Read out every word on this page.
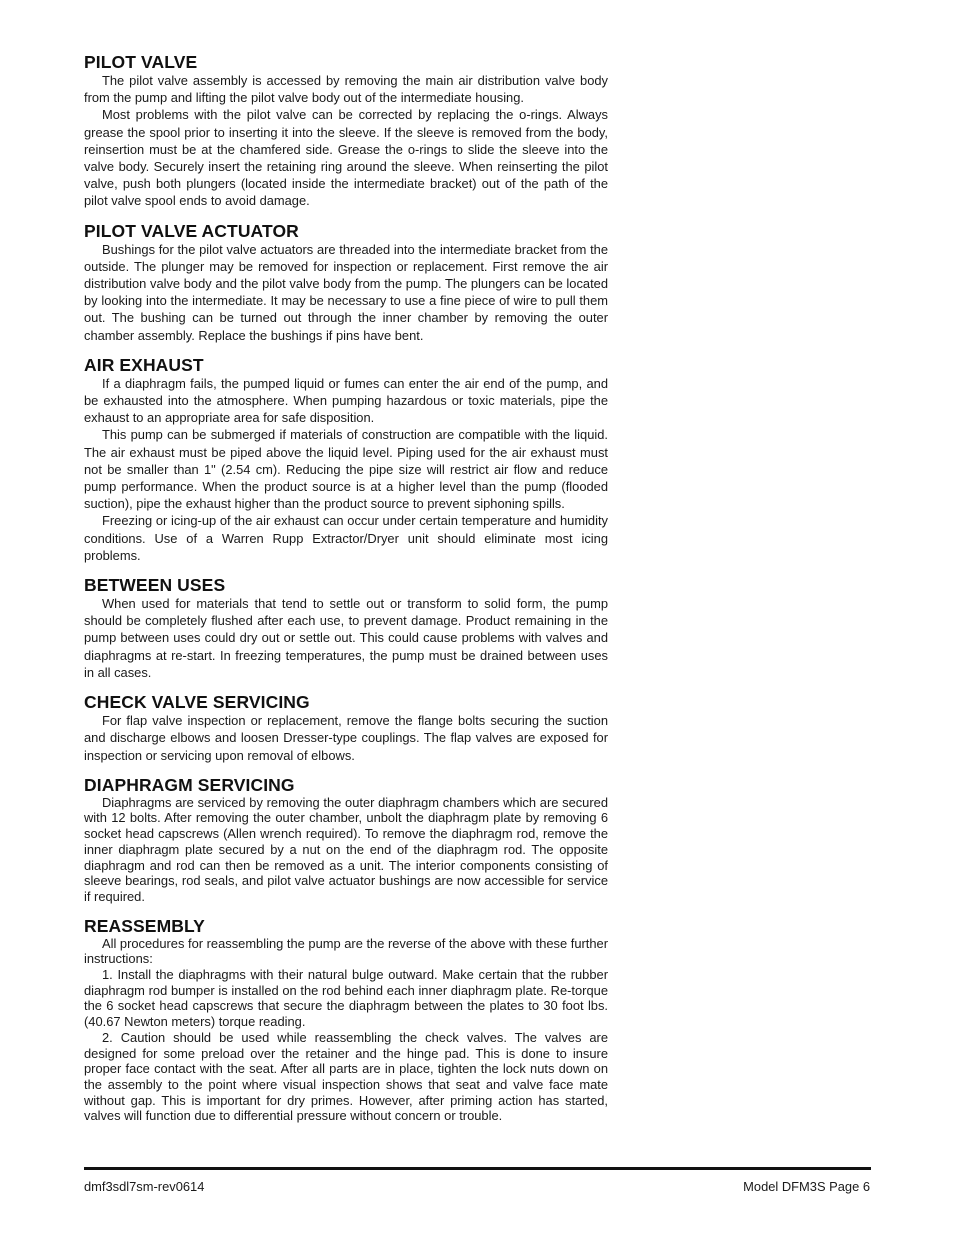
PILOT VALVE

The pilot valve assembly is accessed by removing the main air distribution valve body from the pump and lifting the pilot valve body out of the intermediate housing.

Most problems with the pilot valve can be corrected by replacing the o-rings. Always grease the spool prior to inserting it into the sleeve. If the sleeve is removed from the body, reinsertion must be at the chamfered side. Grease the o-rings to slide the sleeve into the valve body. Securely insert the retaining ring around the sleeve. When reinserting the pilot valve, push both plungers (located inside the intermediate bracket) out of the path of the pilot valve spool ends to avoid damage.

PILOT VALVE ACTUATOR

Bushings for the pilot valve actuators are threaded into the intermediate bracket from the outside. The plunger may be removed for inspection or replacement. First remove the air distribution valve body and the pilot valve body from the pump. The plungers can be located by looking into the intermediate. It may be necessary to use a fine piece of wire to pull them out. The bushing can be turned out through the inner chamber by removing the outer chamber assembly. Replace the bushings if pins have bent.

AIR EXHAUST

If a diaphragm fails, the pumped liquid or fumes can enter the air end of the pump, and be exhausted into the atmosphere. When pumping hazardous or toxic materials, pipe the exhaust to an appropriate area for safe disposition.

This pump can be submerged if materials of construction are compatible with the liquid. The air exhaust must be piped above the liquid level. Piping used for the air exhaust must not be smaller than 1" (2.54 cm). Reducing the pipe size will restrict air flow and reduce pump performance. When the product source is at a higher level than the pump (flooded suction), pipe the exhaust higher than the product source to prevent siphoning spills.

Freezing or icing-up of the air exhaust can occur under certain temperature and humidity conditions. Use of a Warren Rupp Extractor/Dryer unit should eliminate most icing problems.

BETWEEN USES

When used for materials that tend to settle out or transform to solid form, the pump should be completely flushed after each use, to prevent damage. Product remaining in the pump between uses could dry out or settle out. This could cause problems with valves and diaphragms at re-start. In freezing temperatures, the pump must be drained between uses in all cases.

CHECK VALVE SERVICING

For flap valve inspection or replacement, remove the flange bolts securing the suction and discharge elbows and loosen Dresser-type couplings. The flap valves are exposed for inspection or servicing upon removal of elbows.

DIAPHRAGM SERVICING

Diaphragms are serviced by removing the outer diaphragm chambers which are secured with 12 bolts. After removing the outer chamber, unbolt the diaphragm plate by removing 6 socket head capscrews (Allen wrench required). To remove the diaphragm rod, remove the inner diaphragm plate secured by a nut on the end of the diaphragm rod. The opposite diaphragm and rod can then be removed as a unit. The interior components consisting of sleeve bearings, rod seals, and pilot valve actuator bushings are now accessible for service if required.

REASSEMBLY

All procedures for reassembling the pump are the reverse of the above with these further instructions:

1. Install the diaphragms with their natural bulge outward. Make certain that the rubber diaphragm rod bumper is installed on the rod behind each inner diaphragm plate. Re-torque the 6 socket head capscrews that secure the diaphragm between the plates to 30 foot lbs. (40.67 Newton meters) torque reading.

2. Caution should be used while reassembling the check valves. The valves are designed for some preload over the retainer and the hinge pad. This is done to insure proper face contact with the seat. After all parts are in place, tighten the lock nuts down on the assembly to the point where visual inspection shows that seat and valve face mate without gap. This is important for dry primes. However, after priming action has started, valves will function due to differential pressure without concern or trouble.

dmf3sdl7sm-rev0614	Model DFM3S Page 6
